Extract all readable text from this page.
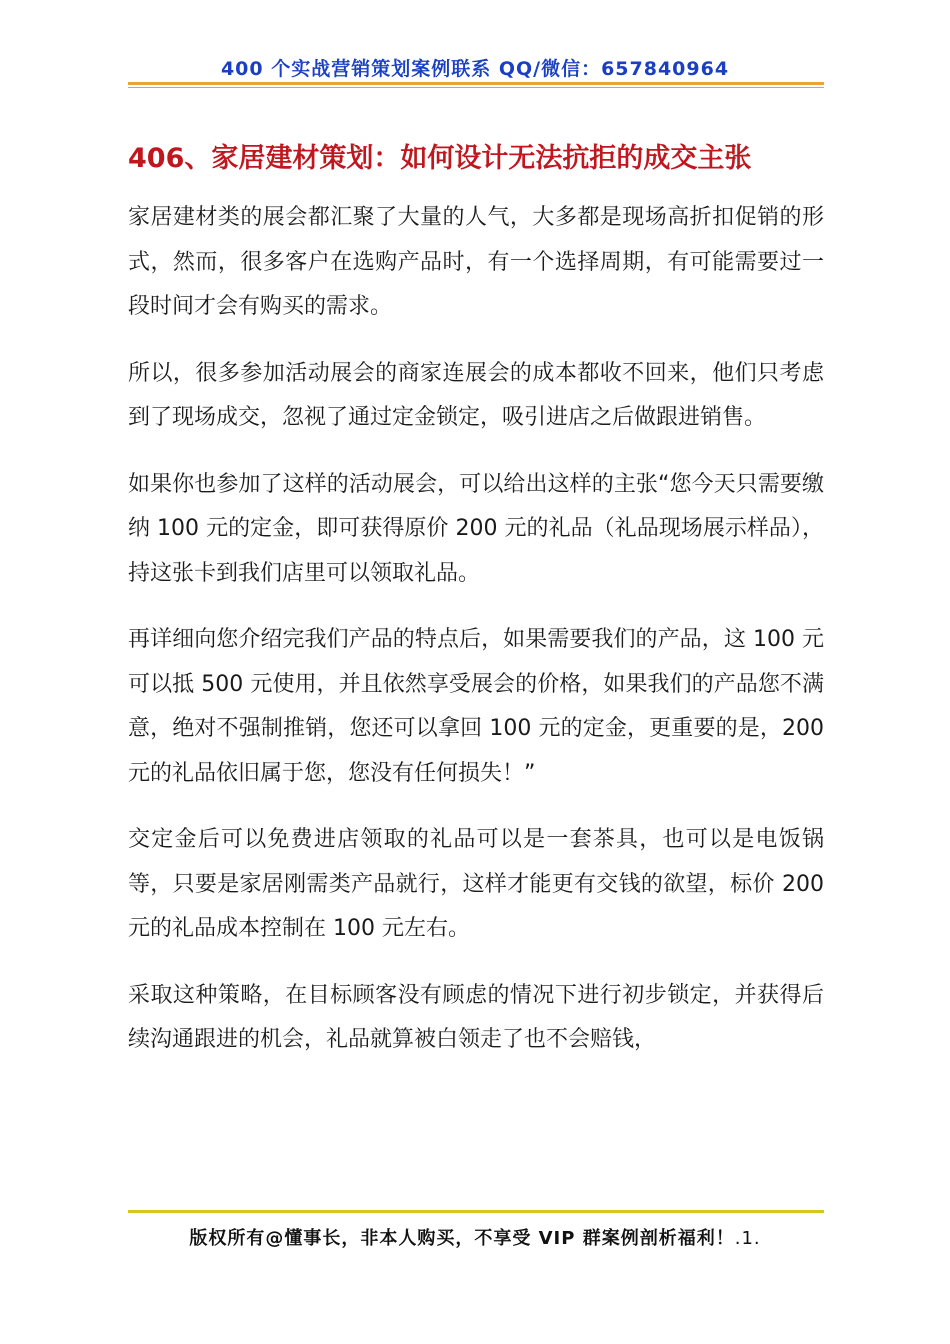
400 个实战营销策划案例联系 QQ/微信：657840964
406、家居建材策划：如何设计无法抗拒的成交主张

家居建材类的展会都汇聚了大量的人气，大多都是现场高折扣促销的形式，然而，很多客户在选购产品时，有一个选择周期，有可能需要过一段时间才会有购买的需求。

所以，很多参加活动展会的商家连展会的成本都收不回来，他们只考虑到了现场成交，忽视了通过定金锁定，吸引进店之后做跟进销售。

如果你也参加了这样的活动展会，可以给出这样的主张“您今天只需要缴纳 100 元的定金，即可获得原价 200 元的礼品（礼品现场展示样品），持这张卡到我们店里可以领取礼品。

再详细向您介绍完我们产品的特点后，如果需要我们的产品，这 100 元可以抵 500 元使用，并且依然享受展会的价格，如果我们的产品您不满意，绝对不强制推销，您还可以拿回 100 元的定金，更重要的是，200 元的礼品依旧属于您，您没有任何损失！”

交定金后可以免费进店领取的礼品可以是一套茶具，也可以是电饭锅等，只要是家居刚需类产品就行，这样才能更有交钱的欲望，标价 200 元的礼品成本控制在 100 元左右。

采取这种策略，在目标顾客没有顾虑的情况下进行初步锁定，并获得后续沟通跟进的机会，礼品就算被白领走了也不会赔钱，

版权所有@懂事长，非本人购买，不享受 VIP 群案例剖析福利！.1.
